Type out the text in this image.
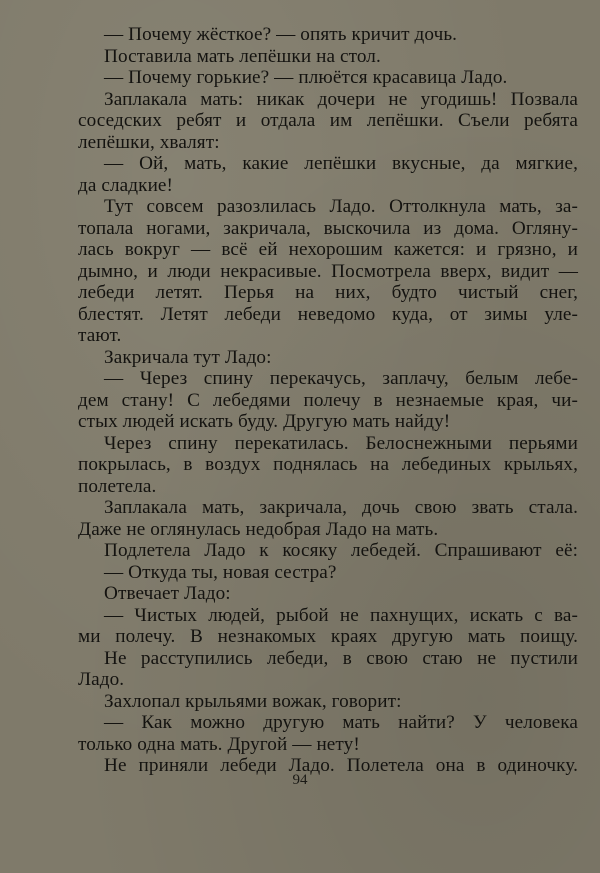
— Почему жёсткое? — опять кричит дочь.
Поставила мать лепёшки на стол.
— Почему горькие? — плюётся красавица Ладо.
Заплакала мать: никак дочери не угодишь! Позвала
соседских ребят и отдала им лепёшки. Съели ребята
лепёшки, хвалят:
— Ой, мать, какие лепёшки вкусные, да мягкие,
да сладкие!
Тут совсем разозлилась Ладо. Оттолкнула мать, за-
топала ногами, закричала, выскочила из дома. Огляну-
лась вокруг — всё ей нехорошим кажется: и грязно, и
дымно, и люди некрасивые. Посмотрела вверх, видит —
лебеди летят. Перья на них, будто чистый снег,
блестят. Летят лебеди неведомо куда, от зимы уле-
тают.
Закричала тут Ладо:
— Через спину перекачусь, заплачу, белым лебе-
дем стану! С лебедями полечу в незнаемые края, чи-
стых людей искать буду. Другую мать найду!
Через спину перекатилась. Белоснежными перьями
покрылась, в воздух поднялась на лебединых крыльях,
полетела.
Заплакала мать, закричала, дочь свою звать стала.
Даже не оглянулась недобрая Ладо на мать.
Подлетела Ладо к косяку лебедей. Спрашивают её:
— Откуда ты, новая сестра?
Отвечает Ладо:
— Чистых людей, рыбой не пахнущих, искать с ва-
ми полечу. В незнакомых краях другую мать поищу.
Не расступились лебеди, в свою стаю не пустили
Ладо.
Захлопал крыльями вожак, говорит:
— Как можно другую мать найти? У человека
только одна мать. Другой — нету!
Не приняли лебеди Ладо. Полетела она в одиночку.
94
